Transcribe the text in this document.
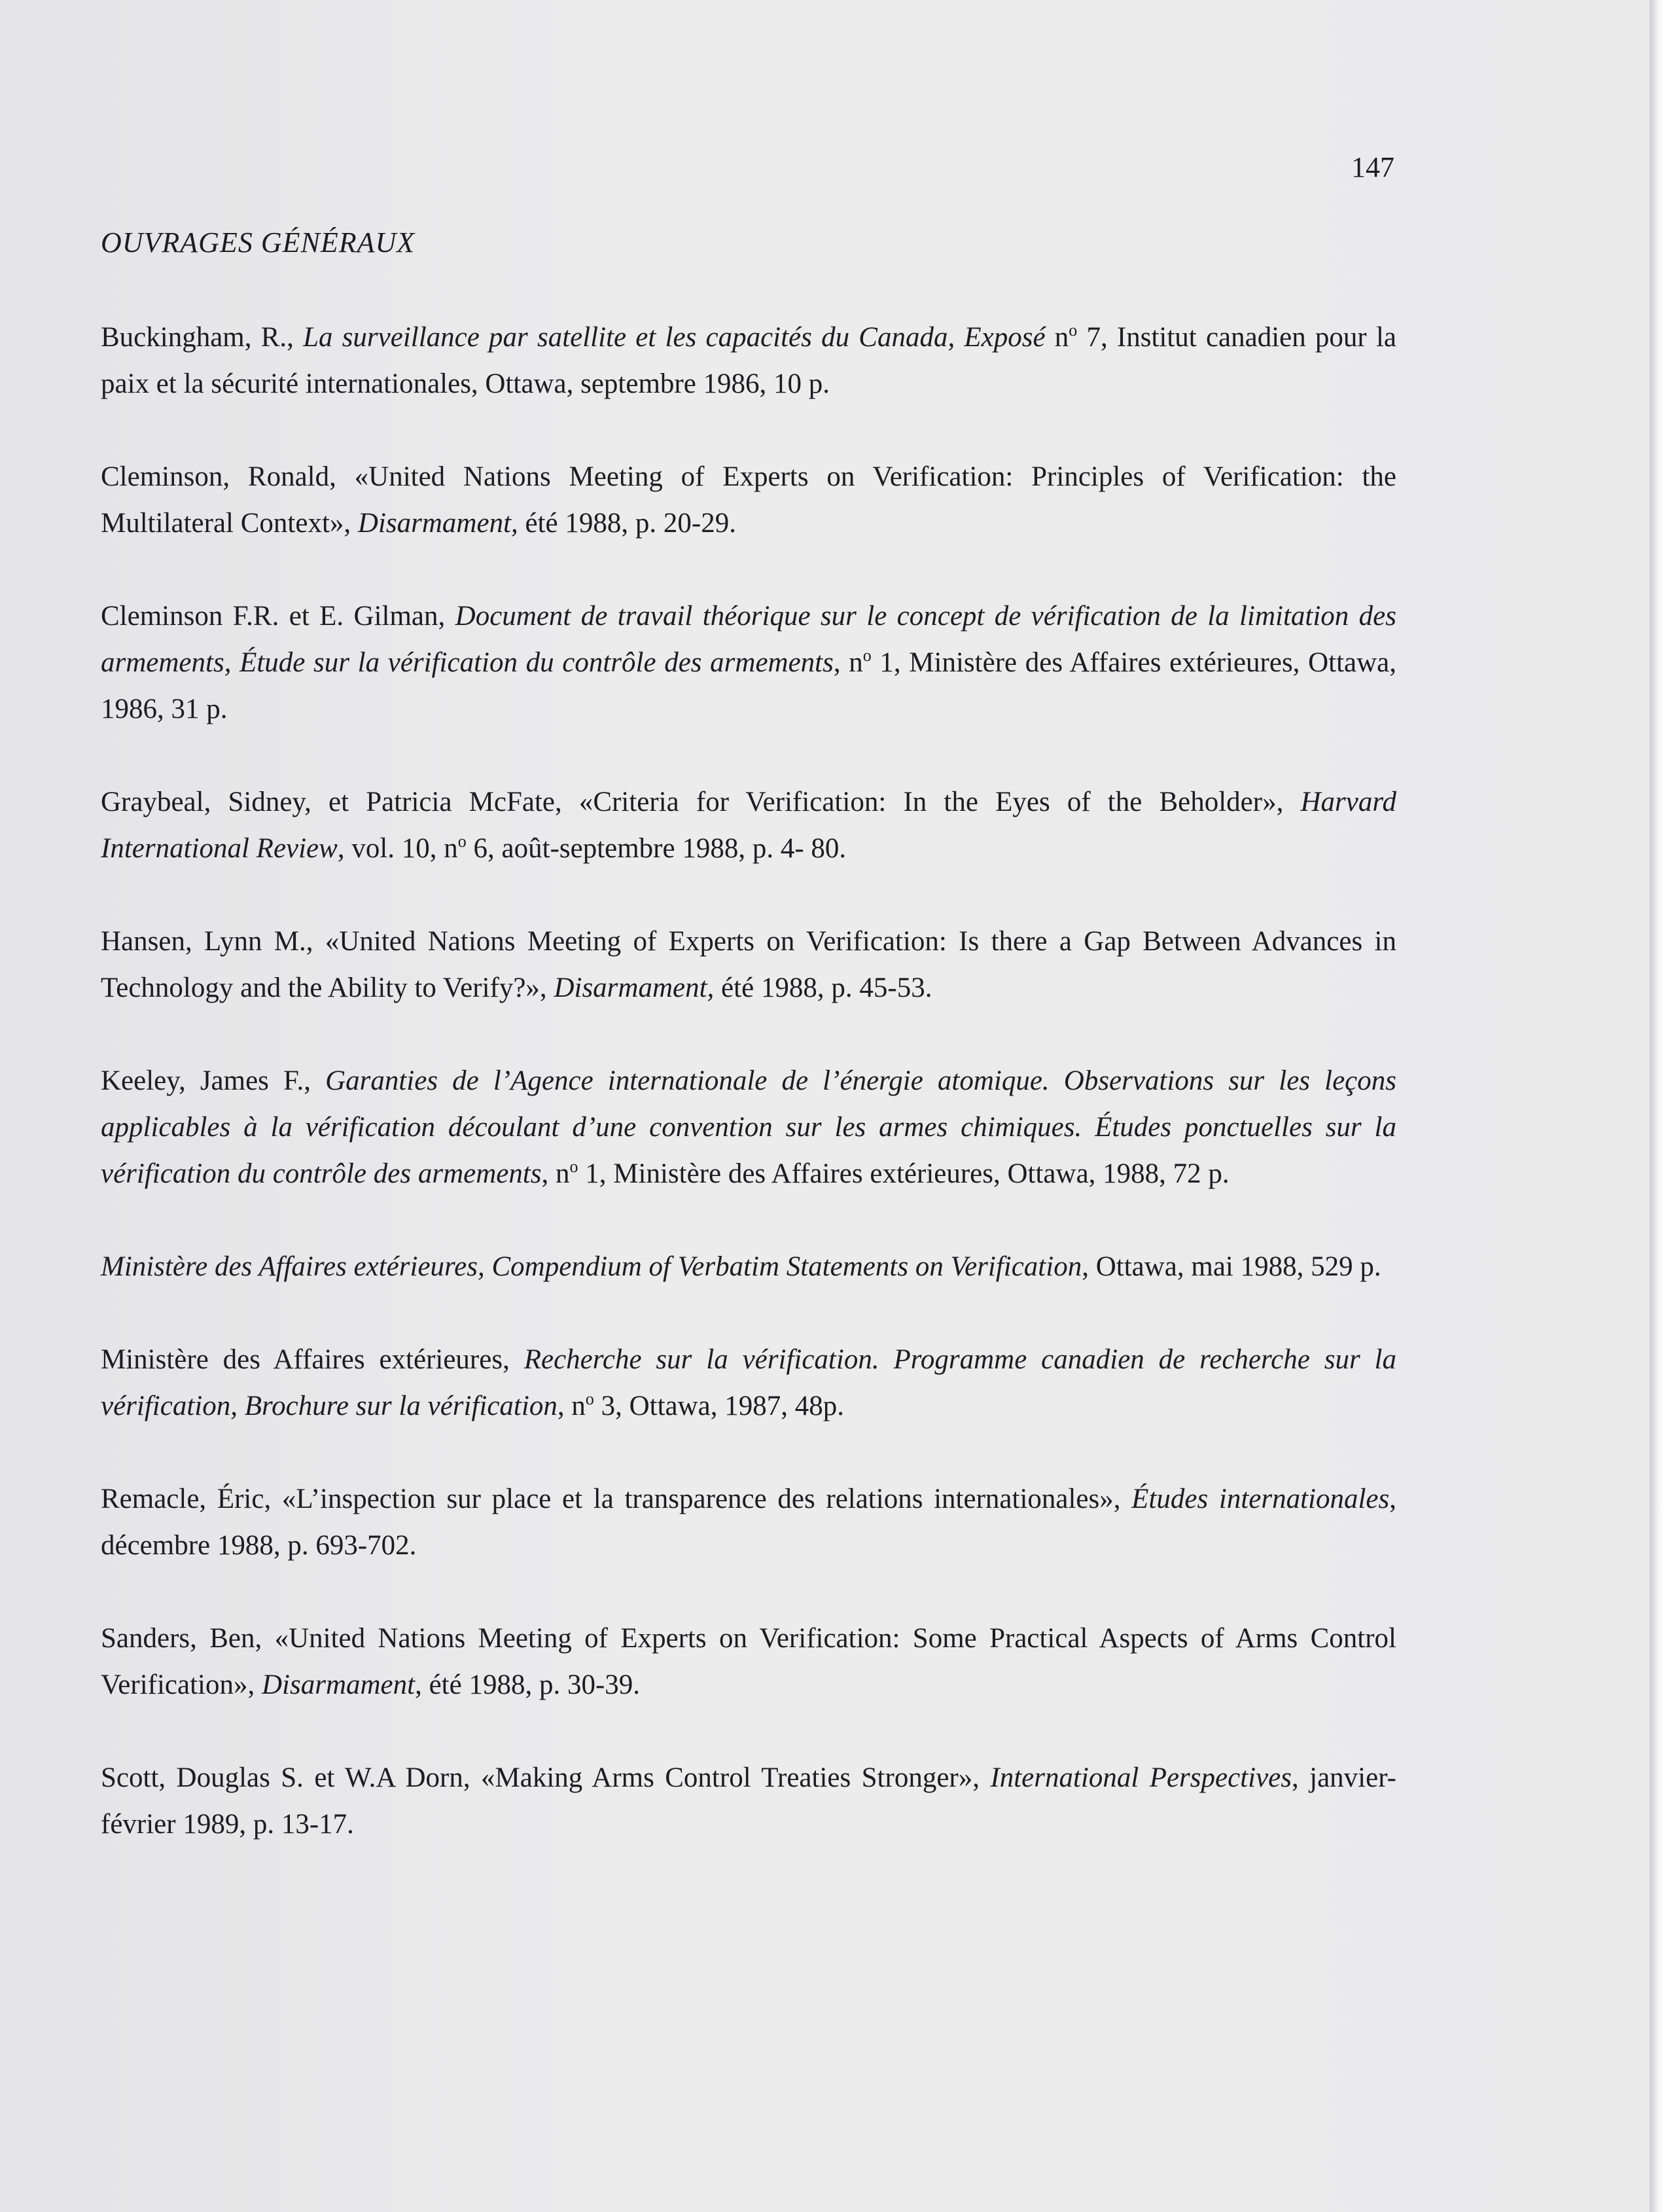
147
OUVRAGES GÉNÉRAUX

Buckingham, R., La surveillance par satellite et les capacités du Canada, Exposé $n^o$ 7, Institut canadien pour la paix et la sécurité internationales, Ottawa, septembre 1986, 10 p.

Cleminson, Ronald, «United Nations Meeting of Experts on Verification: Principles of Verification: the Multilateral Context», Disarmament, été 1988, p. 20-29.

Cleminson F.R. et E. Gilman, Document de travail théorique sur le concept de vérification de la limitation des armements, Étude sur la vérification du contrôle des armements, $n^o$ 1, Ministère des Affaires extérieures, Ottawa, 1986, 31 p.

Graybeal, Sidney, et Patricia McFate, «Criteria for Verification: In the Eyes of the Beholder», Harvard International Review, vol. 10, $n^o$ 6, août-septembre 1988, p. 4- 80.

Hansen, Lynn M., «United Nations Meeting of Experts on Verification: Is there a Gap Between Advances in Technology and the Ability to Verify?», Disarmament, été 1988, p. 45-53.

Keeley, James F., Garanties de l’Agence internationale de l’énergie atomique. Observations sur les leçons applicables à la vérification découlant d’une convention sur les armes chimiques. Études ponctuelles sur la vérification du contrôle des armements, $n^o$ 1, Ministère des Affaires extérieures, Ottawa, 1988, 72 p.

Ministère des Affaires extérieures, Compendium of Verbatim Statements on Verification, Ottawa, mai 1988, 529 p.

Ministère des Affaires extérieures, Recherche sur la vérification. Programme canadien de recherche sur la vérification, Brochure sur la vérification, $n^o$ 3, Ottawa, 1987, 48p.

Remacle, Éric, «L’inspection sur place et la transparence des relations internationales», Études internationales, décembre 1988, p. 693-702.

Sanders, Ben, «United Nations Meeting of Experts on Verification: Some Practical Aspects of Arms Control Verification», Disarmament, été 1988, p. 30-39.

Scott, Douglas S. et W.A Dorn, «Making Arms Control Treaties Stronger», International Perspectives, janvier-février 1989, p. 13-17.
